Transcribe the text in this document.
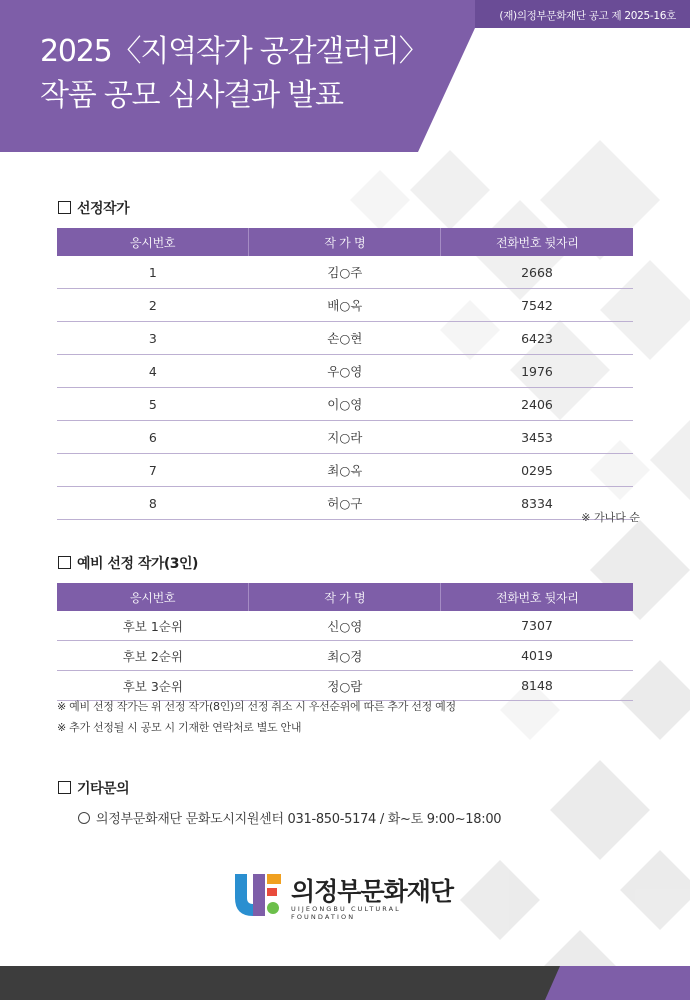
(재)의정부문화재단 공고 제 2025-16호
2025〈지역작가 공감갤러리〉
작품 공모 심사결과 발표
선정작가
응시번호	작 가 명	전화번호 뒷자리
1	김○주	2668
2	배○옥	7542
3	손○현	6423
4	우○영	1976
5	이○영	2406
6	지○라	3453
7	최○옥	0295
8	허○구	8334
※ 가나다 순
예비 선정 작가(3인)
응시번호	작 가 명	전화번호 뒷자리
후보 1순위	신○영	7307
후보 2순위	최○경	4019
후보 3순위	정○람	8148
※ 예비 선정 작가는 위 선정 작가(8인)의 선정 취소 시 우선순위에 따른 추가 선정 예정
※ 추가 선정될 시 공모 시 기재한 연락처로 별도 안내
기타문의
의정부문화재단 문화도시지원센터 031-850-5174 / 화~토 9:00~18:00
의정부문화재단
UIJEONGBU CULTURAL FOUNDATION
